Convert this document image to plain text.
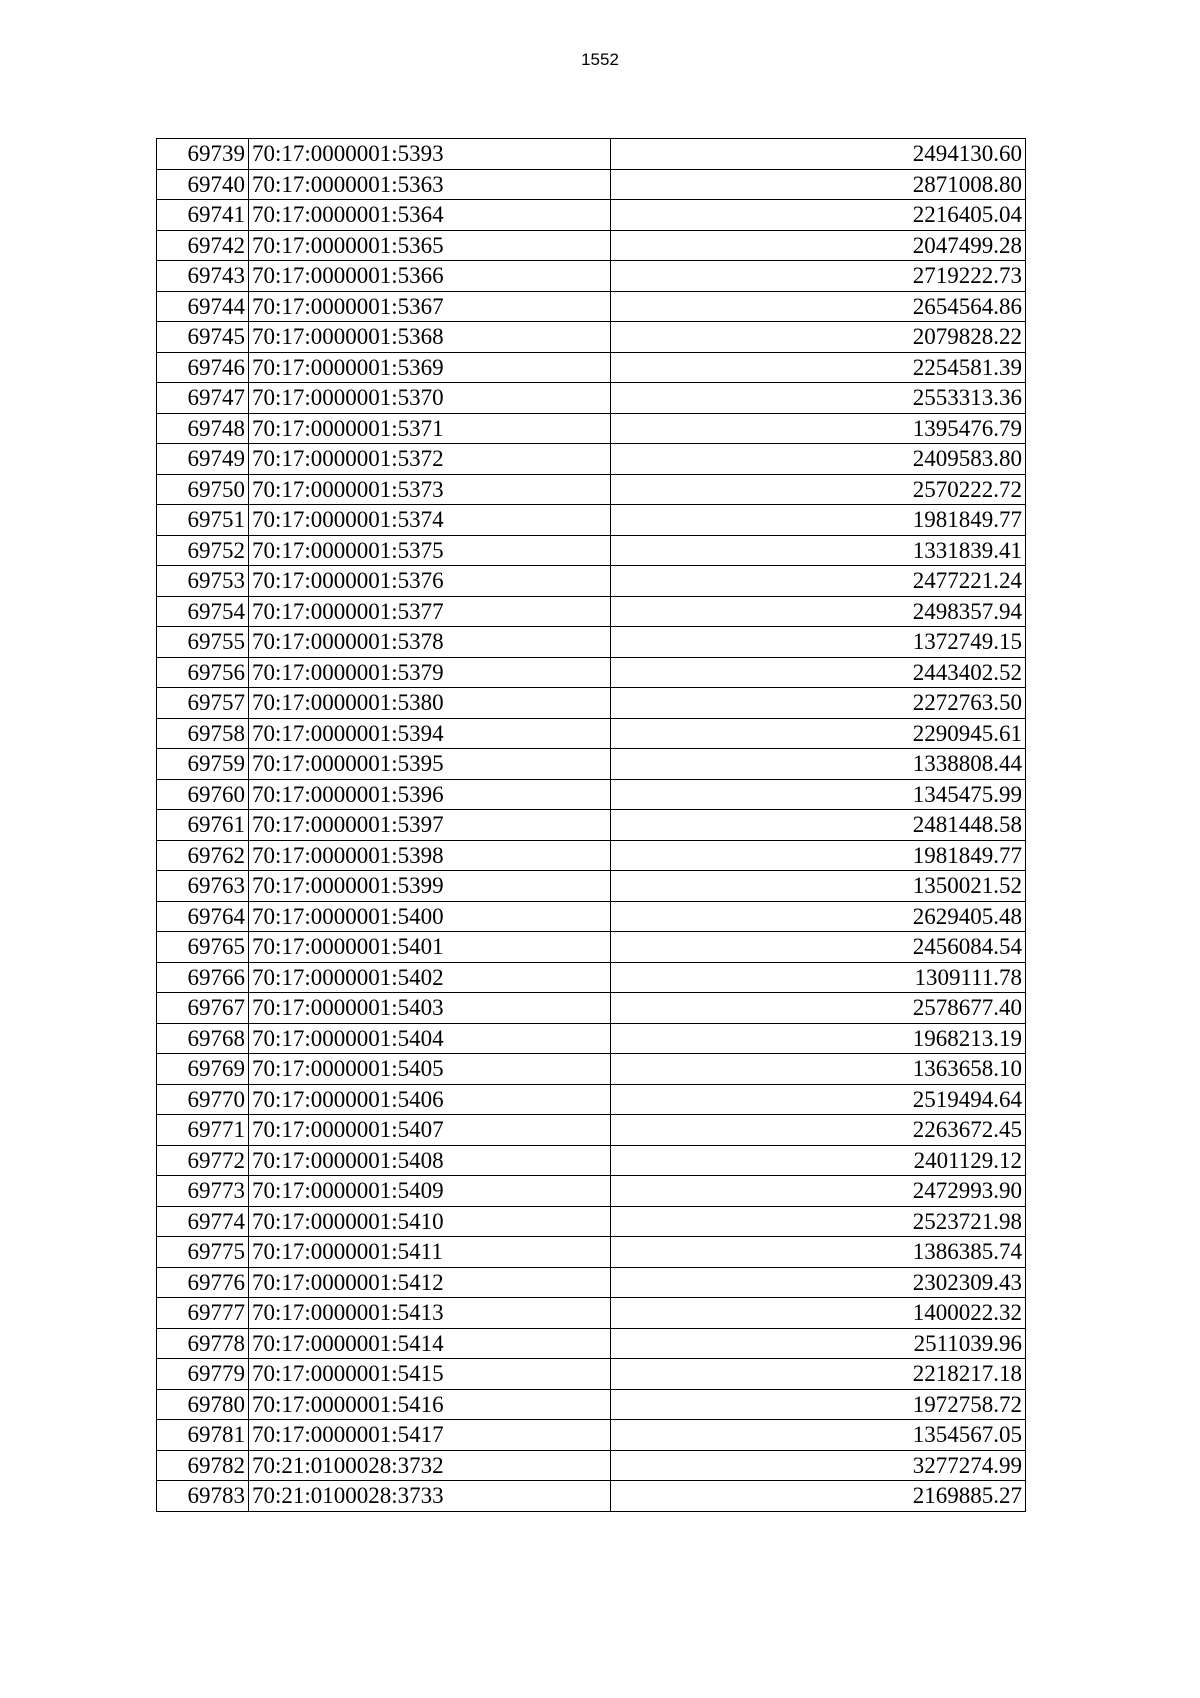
1552
69739	70:17:0000001:5393	2494130.60
69740	70:17:0000001:5363	2871008.80
69741	70:17:0000001:5364	2216405.04
69742	70:17:0000001:5365	2047499.28
69743	70:17:0000001:5366	2719222.73
69744	70:17:0000001:5367	2654564.86
69745	70:17:0000001:5368	2079828.22
69746	70:17:0000001:5369	2254581.39
69747	70:17:0000001:5370	2553313.36
69748	70:17:0000001:5371	1395476.79
69749	70:17:0000001:5372	2409583.80
69750	70:17:0000001:5373	2570222.72
69751	70:17:0000001:5374	1981849.77
69752	70:17:0000001:5375	1331839.41
69753	70:17:0000001:5376	2477221.24
69754	70:17:0000001:5377	2498357.94
69755	70:17:0000001:5378	1372749.15
69756	70:17:0000001:5379	2443402.52
69757	70:17:0000001:5380	2272763.50
69758	70:17:0000001:5394	2290945.61
69759	70:17:0000001:5395	1338808.44
69760	70:17:0000001:5396	1345475.99
69761	70:17:0000001:5397	2481448.58
69762	70:17:0000001:5398	1981849.77
69763	70:17:0000001:5399	1350021.52
69764	70:17:0000001:5400	2629405.48
69765	70:17:0000001:5401	2456084.54
69766	70:17:0000001:5402	1309111.78
69767	70:17:0000001:5403	2578677.40
69768	70:17:0000001:5404	1968213.19
69769	70:17:0000001:5405	1363658.10
69770	70:17:0000001:5406	2519494.64
69771	70:17:0000001:5407	2263672.45
69772	70:17:0000001:5408	2401129.12
69773	70:17:0000001:5409	2472993.90
69774	70:17:0000001:5410	2523721.98
69775	70:17:0000001:5411	1386385.74
69776	70:17:0000001:5412	2302309.43
69777	70:17:0000001:5413	1400022.32
69778	70:17:0000001:5414	2511039.96
69779	70:17:0000001:5415	2218217.18
69780	70:17:0000001:5416	1972758.72
69781	70:17:0000001:5417	1354567.05
69782	70:21:0100028:3732	3277274.99
69783	70:21:0100028:3733	2169885.27
